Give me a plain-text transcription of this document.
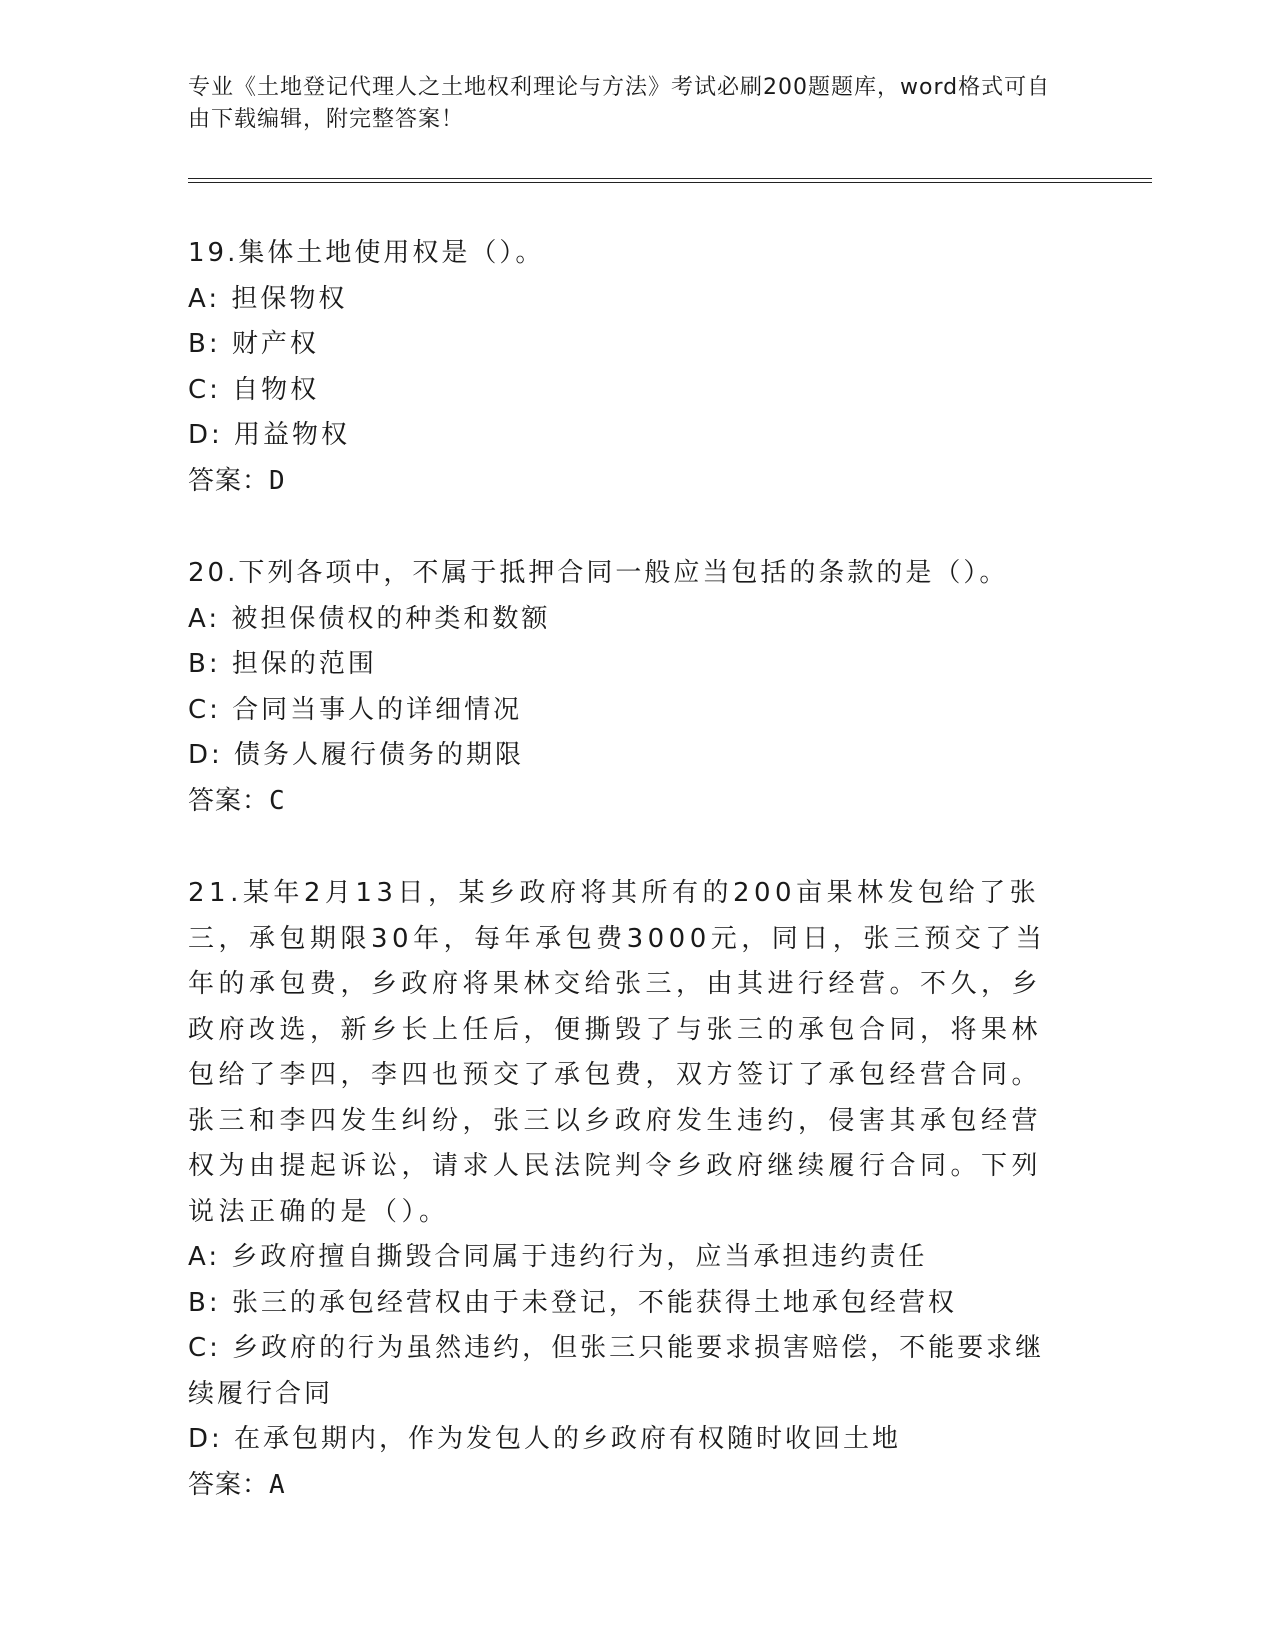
专业《土地登记代理人之土地权利理论与方法》考试必刷200题题库，word格式可自由下载编辑，附完整答案！

19.集体土地使用权是（）。

A: 担保物权

B: 财产权

C: 自物权

D: 用益物权

答案：D

20.下列各项中，不属于抵押合同一般应当包括的条款的是（）。

A: 被担保债权的种类和数额

B: 担保的范围

C: 合同当事人的详细情况

D: 债务人履行债务的期限

答案：C

21.某年2月13日，某乡政府将其所有的200亩果林发包给了张三，承包期限30年，每年承包费3000元，同日，张三预交了当年的承包费，乡政府将果林交给张三，由其进行经营。不久，乡政府改选，新乡长上任后，便撕毁了与张三的承包合同，将果林包给了李四，李四也预交了承包费，双方签订了承包经营合同。张三和李四发生纠纷，张三以乡政府发生违约，侵害其承包经营权为由提起诉讼，请求人民法院判令乡政府继续履行合同。下列说法正确的是（）。

A: 乡政府擅自撕毁合同属于违约行为，应当承担违约责任

B: 张三的承包经营权由于未登记，不能获得土地承包经营权

C: 乡政府的行为虽然违约，但张三只能要求损害赔偿，不能要求继续履行合同

D: 在承包期内，作为发包人的乡政府有权随时收回土地

答案：A
